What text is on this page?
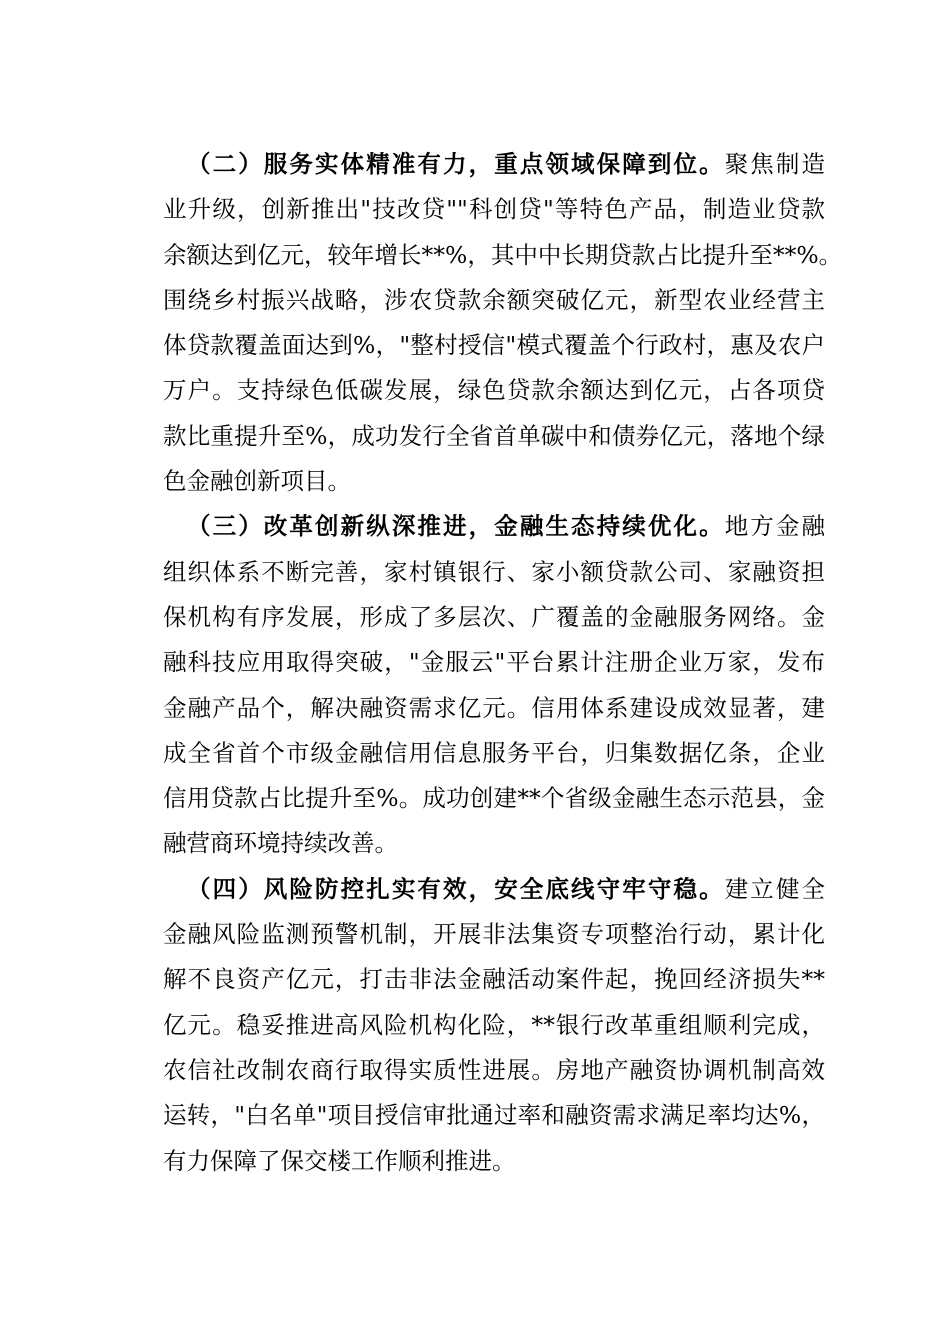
（二）服务实体精准有力，重点领域保障到位。聚焦制造
业升级，创新推出"技改贷""科创贷"等特色产品，制造业贷款
余额达到亿元，较年增长**%，其中中长期贷款占比提升至**%。
围绕乡村振兴战略，涉农贷款余额突破亿元，新型农业经营主
体贷款覆盖面达到%，"整村授信"模式覆盖个行政村，惠及农户
万户。支持绿色低碳发展，绿色贷款余额达到亿元，占各项贷
款比重提升至%，成功发行全省首单碳中和债券亿元，落地个绿
色金融创新项目。
（三）改革创新纵深推进，金融生态持续优化。地方金融
组织体系不断完善，家村镇银行、家小额贷款公司、家融资担
保机构有序发展，形成了多层次、广覆盖的金融服务网络。金
融科技应用取得突破，"金服云"平台累计注册企业万家，发布
金融产品个，解决融资需求亿元。信用体系建设成效显著，建
成全省首个市级金融信用信息服务平台，归集数据亿条，企业
信用贷款占比提升至%。成功创建**个省级金融生态示范县，金
融营商环境持续改善。
（四）风险防控扎实有效，安全底线守牢守稳。建立健全
金融风险监测预警机制，开展非法集资专项整治行动，累计化
解不良资产亿元，打击非法金融活动案件起，挽回经济损失**
亿元。稳妥推进高风险机构化险，**银行改革重组顺利完成，
农信社改制农商行取得实质性进展。房地产融资协调机制高效
运转，"白名单"项目授信审批通过率和融资需求满足率均达%，
有力保障了保交楼工作顺利推进。
